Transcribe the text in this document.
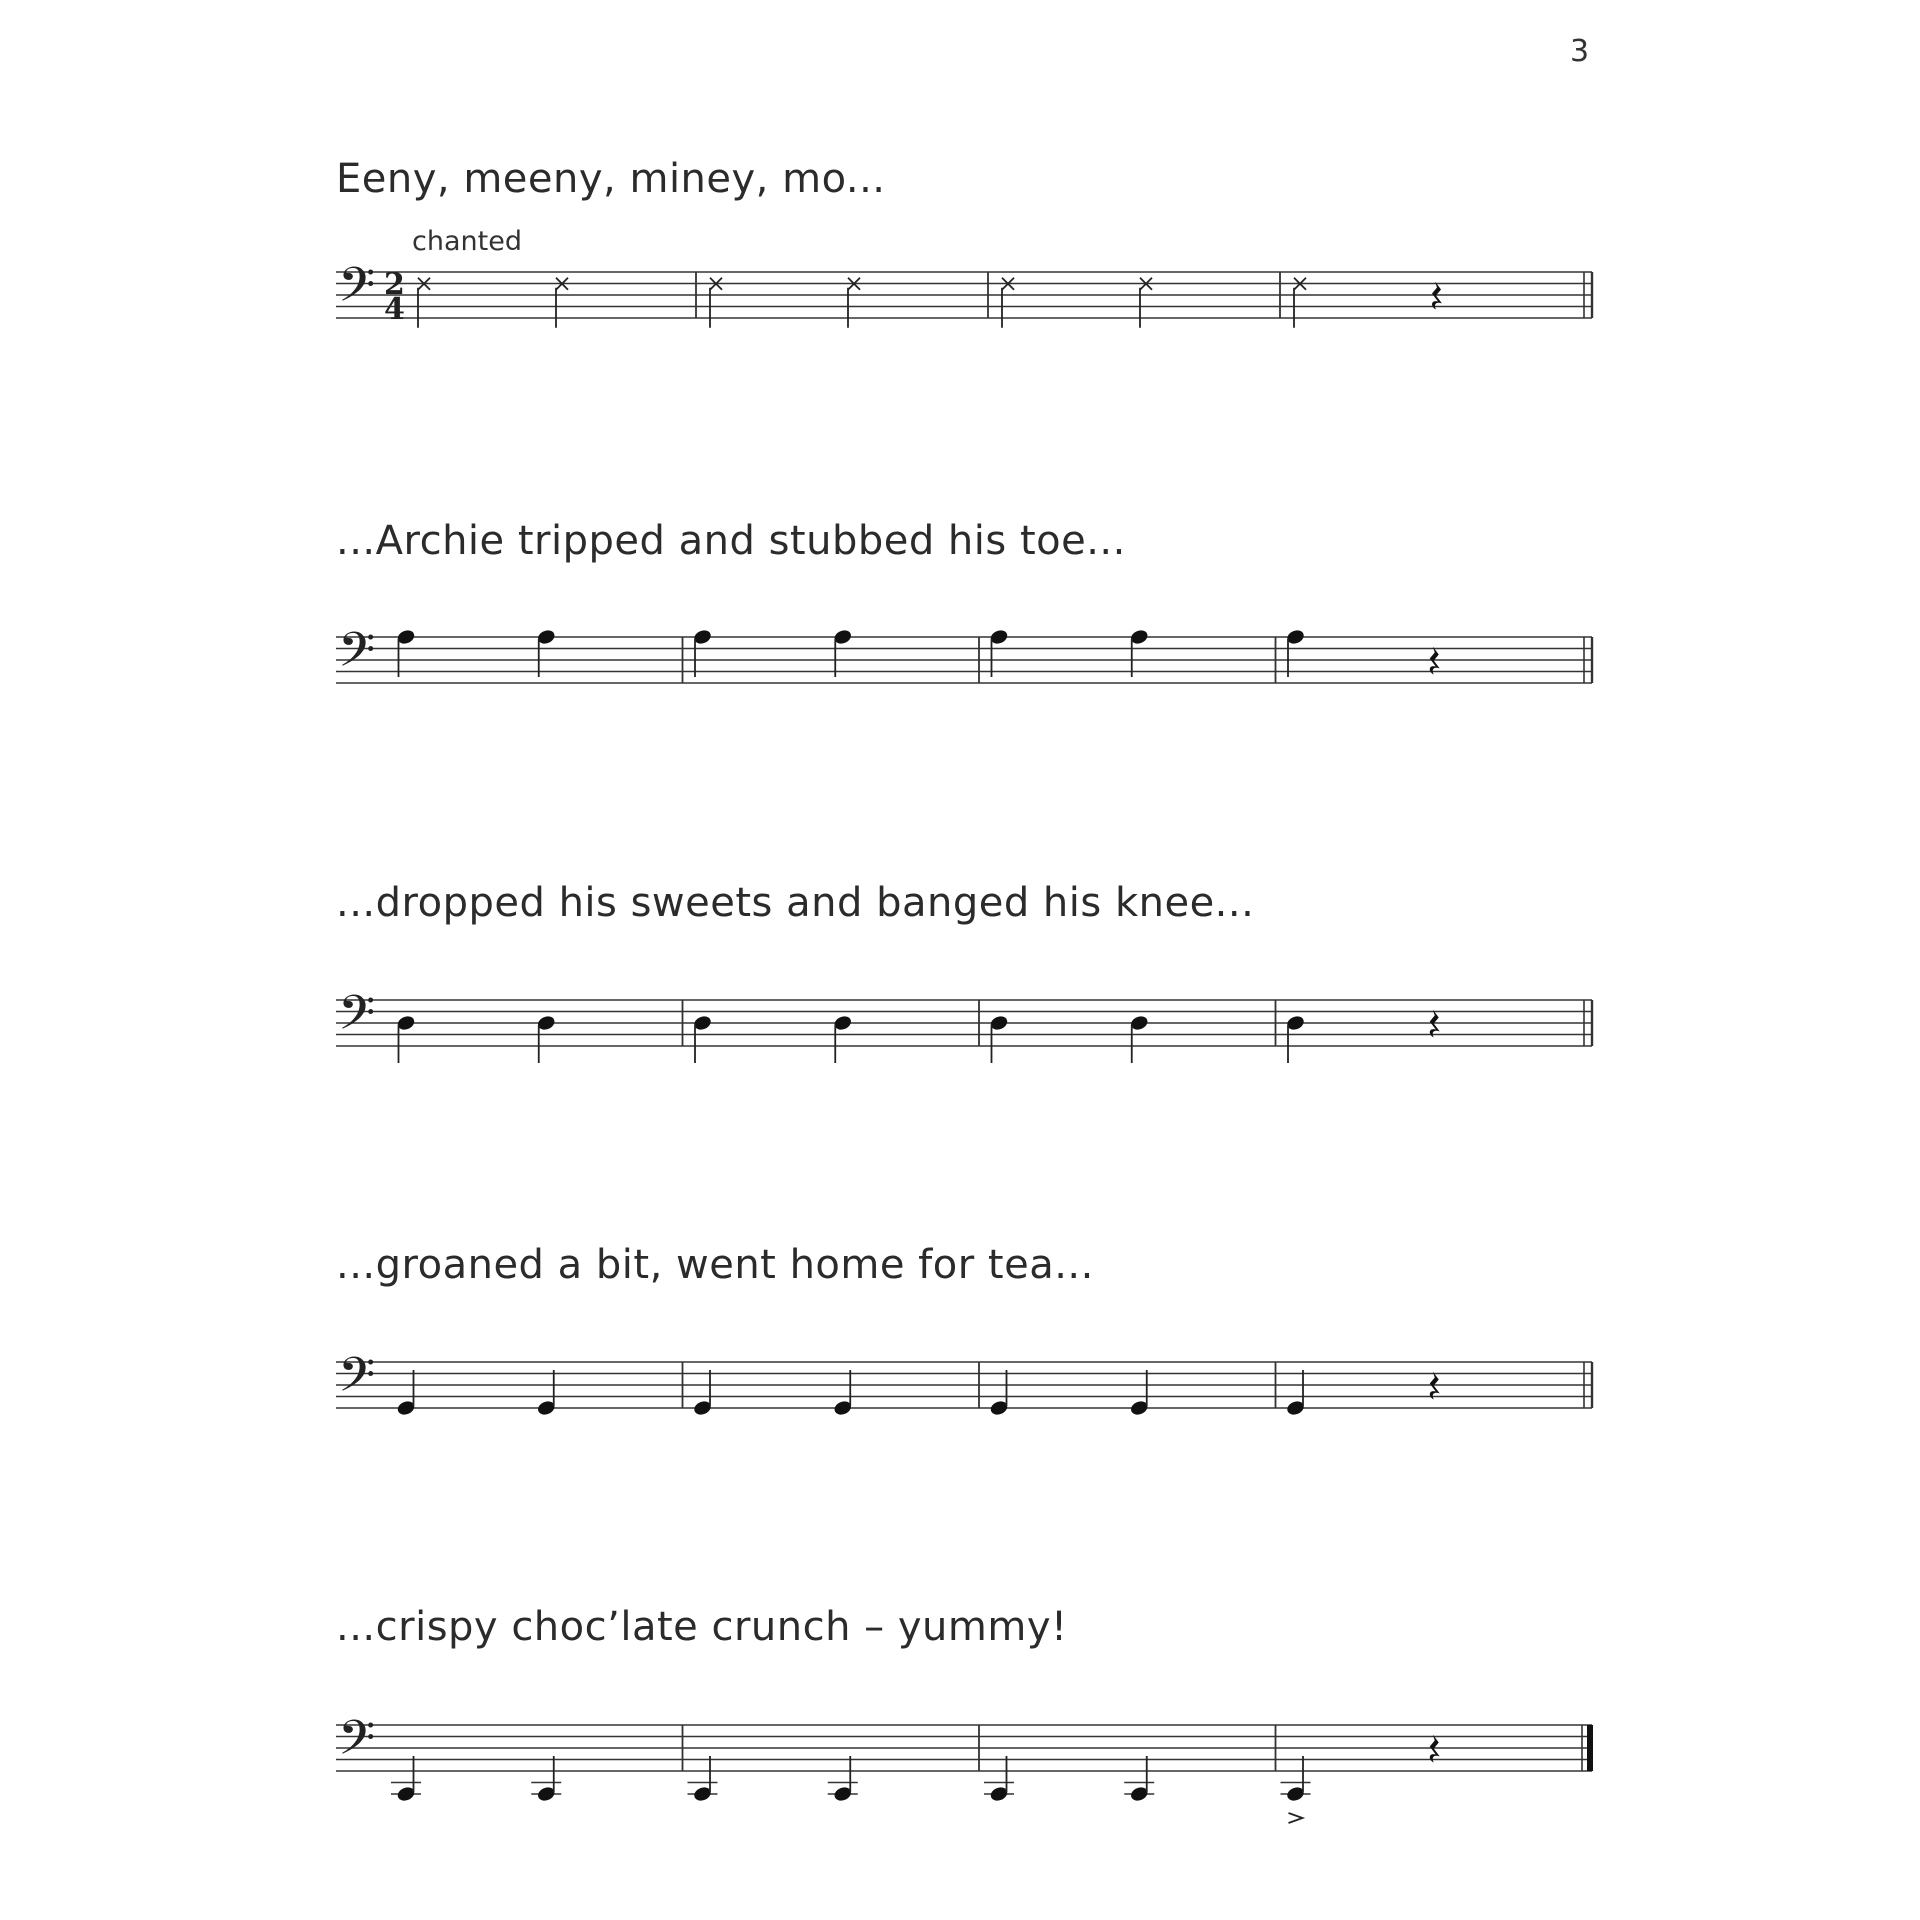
3
Eeny, meeny, miney, mo...
chanted
𝄢 2
4
...Archie tripped and stubbed his toe...
𝄢
...dropped his sweets and banged his knee...
𝄢
...groaned a bit, went home for tea...
𝄢
...crispy choc’late crunch – yummy!
𝄢
